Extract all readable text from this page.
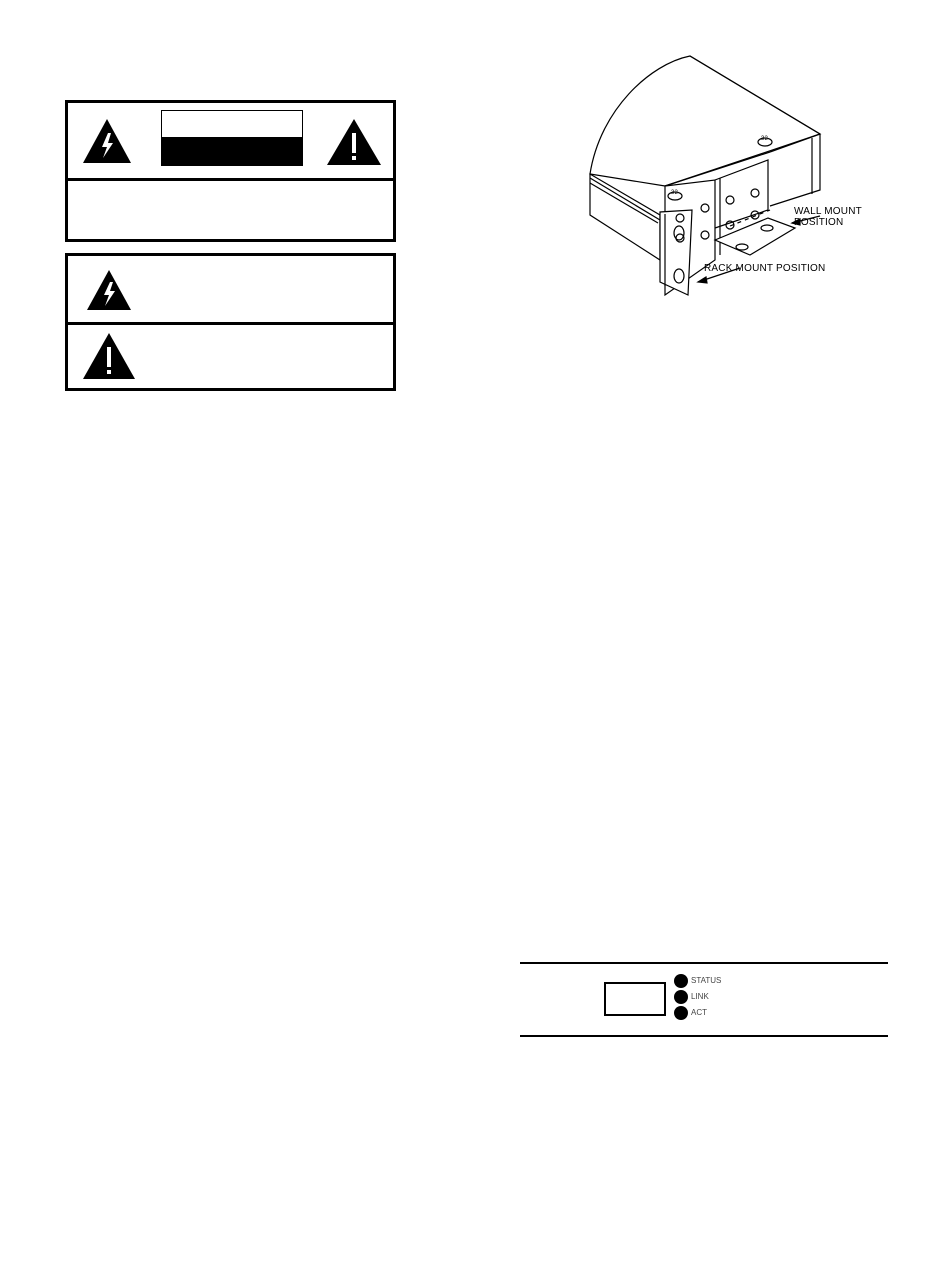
32
32
WALL MOUNT POSITION
RACK MOUNT POSITION
STATUS
LINK
ACT
